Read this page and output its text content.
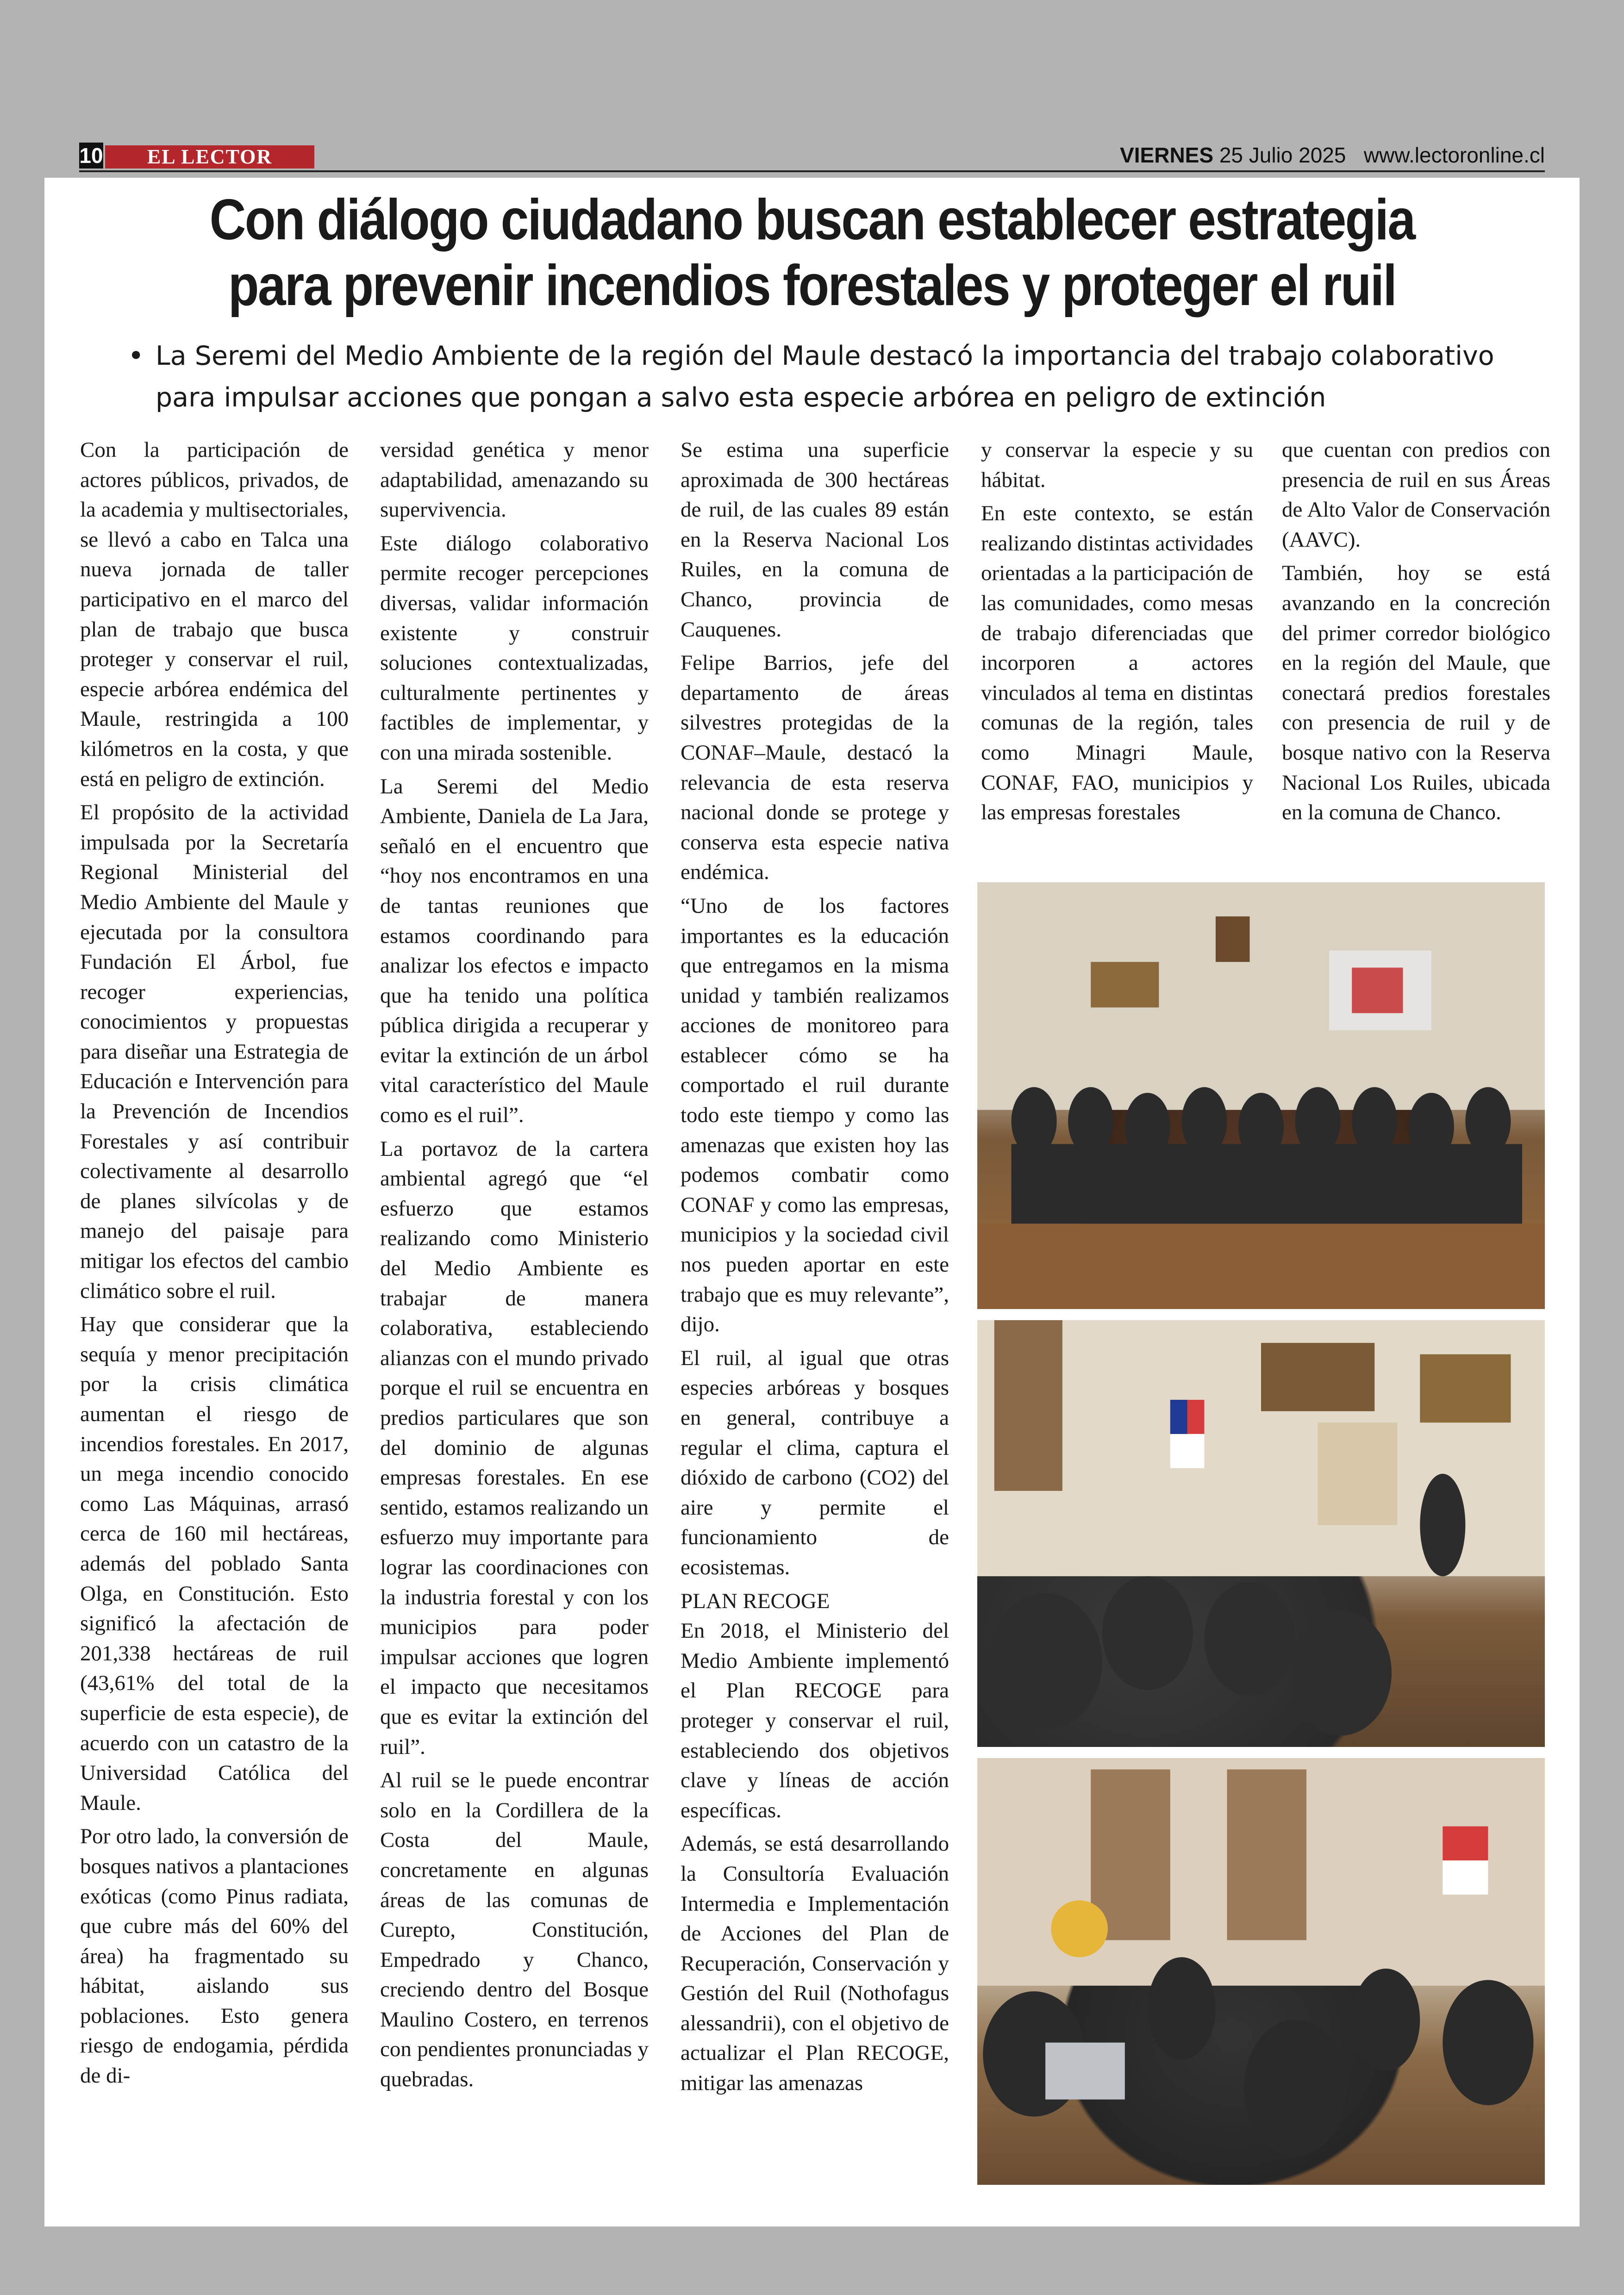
10	EL LECTOR	VIERNES 25 Julio 2025 www.lectoronline.cl
Con diálogo ciudadano buscan establecer estrategia para prevenir incendios forestales y proteger el ruil
• La Seremi del Medio Ambiente de la región del Maule destacó la importancia del trabajo colaborativo para impulsar acciones que pongan a salvo esta especie arbórea en peligro de extinción

Con la participación de actores públicos, privados, de la academia y multisectoriales, se llevó a cabo en Talca una nueva jornada de taller participativo en el marco del plan de trabajo que busca proteger y conservar el ruil, especie arbórea endémica del Maule, restringida a 100 kilómetros en la costa, y que está en peligro de extinción.

El propósito de la actividad impulsada por la Secretaría Regional Ministerial del Medio Ambiente del Maule y ejecutada por la consultora Fundación El Árbol, fue recoger experiencias, conocimientos y propuestas para diseñar una Estrategia de Educación e Intervención para la Prevención de Incendios Forestales y así contribuir colectivamente al desarrollo de planes silvícolas y de manejo del paisaje para mitigar los efectos del cambio climático sobre el ruil.

Hay que considerar que la sequía y menor precipitación por la crisis climática aumentan el riesgo de incendios forestales. En 2017, un mega incendio conocido como Las Máquinas, arrasó cerca de 160 mil hectáreas, además del poblado Santa Olga, en Constitución. Esto significó la afectación de 201,338 hectáreas de ruil (43,61% del total de la superficie de esta especie), de acuerdo con un catastro de la Universidad Católica del Maule.

Por otro lado, la conversión de bosques nativos a plantaciones exóticas (como Pinus radiata, que cubre más del 60% del área) ha fragmentado su hábitat, aislando sus poblaciones. Esto genera riesgo de endogamia, pérdida de di-

versidad genética y menor adaptabilidad, amenazando su supervivencia.

Este diálogo colaborativo permite recoger percepciones diversas, validar información existente y construir soluciones contextualizadas, culturalmente pertinentes y factibles de implementar, y con una mirada sostenible.

La Seremi del Medio Ambiente, Daniela de La Jara, señaló en el encuentro que “hoy nos encontramos en una de tantas reuniones que estamos coordinando para analizar los efectos e impacto que ha tenido una política pública dirigida a recuperar y evitar la extinción de un árbol vital característico del Maule como es el ruil”.

La portavoz de la cartera ambiental agregó que “el esfuerzo que estamos realizando como Ministerio del Medio Ambiente es trabajar de manera colaborativa, estableciendo alianzas con el mundo privado porque el ruil se encuentra en predios particulares que son del dominio de algunas empresas forestales. En ese sentido, estamos realizando un esfuerzo muy importante para lograr las coordinaciones con la industria forestal y con los municipios para poder impulsar acciones que logren el impacto que necesitamos que es evitar la extinción del ruil”.

Al ruil se le puede encontrar solo en la Cordillera de la Costa del Maule, concretamente en algunas áreas de las comunas de Curepto, Constitución, Empedrado y Chanco, creciendo dentro del Bosque Maulino Costero, en terrenos con pendientes pronunciadas y quebradas.

Se estima una superficie aproximada de 300 hectáreas de ruil, de las cuales 89 están en la Reserva Nacional Los Ruiles, en la comuna de Chanco, provincia de Cauquenes.

Felipe Barrios, jefe del departamento de áreas silvestres protegidas de la CONAF–Maule, destacó la relevancia de esta reserva nacional donde se protege y conserva esta especie nativa endémica.

“Uno de los factores importantes es la educación que entregamos en la misma unidad y también realizamos acciones de monitoreo para establecer cómo se ha comportado el ruil durante todo este tiempo y como las amenazas que existen hoy las podemos combatir como CONAF y como las empresas, municipios y la sociedad civil nos pueden aportar en este trabajo que es muy relevante”, dijo.

El ruil, al igual que otras especies arbóreas y bosques en general, contribuye a regular el clima, captura el dióxido de carbono (CO2) del aire y permite el funcionamiento de ecosistemas.

PLAN RECOGE

En 2018, el Ministerio del Medio Ambiente implementó el Plan RECOGE para proteger y conservar el ruil, estableciendo dos objetivos clave y líneas de acción específicas.

Además, se está desarrollando la Consultoría Evaluación Intermedia e Implementación de Acciones del Plan de Recuperación, Conservación y Gestión del Ruil (Nothofagus alessandrii), con el objetivo de actualizar el Plan RECOGE, mitigar las amenazas

y conservar la especie y su hábitat.

En este contexto, se están realizando distintas actividades orientadas a la participación de las comunidades, como mesas de trabajo diferenciadas que incorporen a actores vinculados al tema en distintas comunas de la región, tales como Minagri Maule, CONAF, FAO, municipios y las empresas forestales

que cuentan con predios con presencia de ruil en sus Áreas de Alto Valor de Conservación (AAVC).

También, hoy se está avanzando en la concreción del primer corredor biológico en la región del Maule, que conectará predios forestales con presencia de ruil y de bosque nativo con la Reserva Nacional Los Ruiles, ubicada en la comuna de Chanco.
